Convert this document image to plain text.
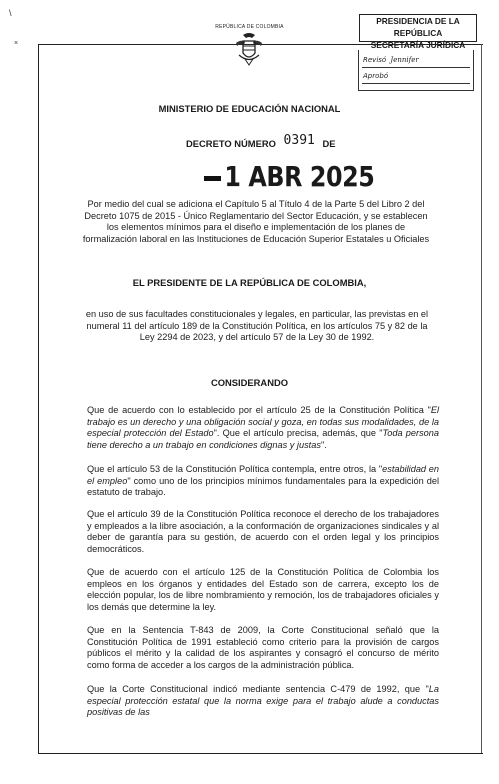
\
×
REPÚBLICA DE COLOMBIA
PRESIDENCIA DE LA REPÚBLICA
SECRETARÍA JURÍDICA
Revisó Jennifer
Aprobó
MINISTERIO DE EDUCACIÓN NACIONAL
DECRETO NÚMERO 0391 DE
1 ABR 2025
Por medio del cual se adiciona el Capítulo 5 al Título 4 de la Parte 5 del Libro 2 del Decreto 1075 de 2015 - Único Reglamentario del Sector Educación, y se establecen los elementos mínimos para el diseño e implementación de los planes de formalización laboral en las Instituciones de Educación Superior Estatales u Oficiales
EL PRESIDENTE DE LA REPÚBLICA DE COLOMBIA,
en uso de sus facultades constitucionales y legales, en particular, las previstas en el numeral 11 del artículo 189 de la Constitución Política, en los artículos 75 y 82 de la Ley 2294 de 2023, y del artículo 57 de la Ley 30 de 1992.
CONSIDERANDO
Que de acuerdo con lo establecido por el artículo 25 de la Constitución Política "El trabajo es un derecho y una obligación social y goza, en todas sus modalidades, de la especial protección del Estado". Que el artículo precisa, además, que "Toda persona tiene derecho a un trabajo en condiciones dignas y justas".
Que el artículo 53 de la Constitución Política contempla, entre otros, la "estabilidad en el empleo" como uno de los principios mínimos fundamentales para la expedición del estatuto de trabajo.
Que el artículo 39 de la Constitución Política reconoce el derecho de los trabajadores y empleados a la libre asociación, a la conformación de organizaciones sindicales y al deber de garantía para su gestión, de acuerdo con el orden legal y los principios democráticos.
Que de acuerdo con el artículo 125 de la Constitución Política de Colombia los empleos en los órganos y entidades del Estado son de carrera, excepto los de elección popular, los de libre nombramiento y remoción, los de trabajadores oficiales y los demás que determine la ley.
Que en la Sentencia T-843 de 2009, la Corte Constitucional señaló que la Constitución Política de 1991 estableció como criterio para la provisión de cargos públicos el mérito y la calidad de los aspirantes y consagró el concurso de mérito como forma de acceder a los cargos de la administración pública.
Que la Corte Constitucional indicó mediante sentencia C-479 de 1992, que "La especial protección estatal que la norma exige para el trabajo alude a conductas positivas de las
